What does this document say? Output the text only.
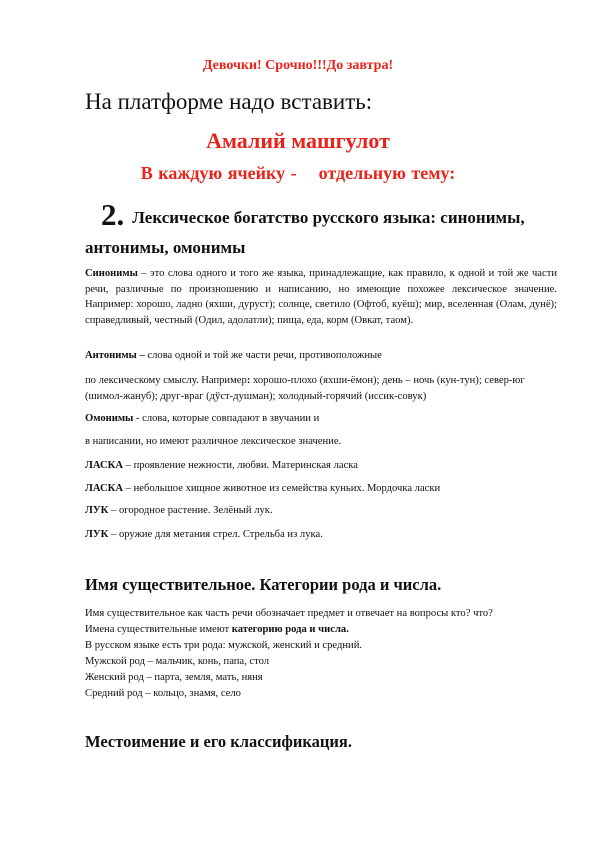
Девочки! Срочно!!!До завтра!

На платформе надо вставить:

Амалий машгулот

В каждую ячейку - отдельную тему:

2. Лексическое богатство русского языка: синонимы, антонимы, омонимы

Синонимы – это слова одного и того же языка, принадлежащие, как правило, к одной и той же части речи, различные по произношению и написанию, но имеющие похожее лексическое значение. Например: хорошо, ладно (яхши, дуруст); солнце, светило (Офтоб, куёш); мир, вселенная (Олам, дунё); справедливый, честный (Одил, адолатли); пища, еда, корм (Овкат, таом).

Антонимы – слова одной и той же части речи, противоположные

по лексическому смыслу. Например: хорошо-плохо (яхши-ёмон); день – ночь (кун-тун); север-юг (шимол-жануб); друг-враг (дўст-душман); холодный-горячий (иссик-совук)

Омонимы - слова, которые совпадают в звучании и

в написании, но имеют различное лексическое значение.

ЛАСКА – проявление нежности, любви. Материнская ласка

ЛАСКА – небольшое хищное животное из семейства куньих. Мордочка ласки

ЛУК – огородное растение. Зелёный лук.

ЛУК – оружие для метания стрел. Стрельба из лука.

Имя существительное. Категории рода и числа.

Имя существительное как часть речи обозначает предмет и отвечает на вопросы кто? что?

Имена существительные имеют категорию рода и числа.

В русском языке есть три рода: мужской, женский и средний.

Мужской род – мальчик, конь, папа, стол

Женский род – парта, земля, мать, няня

Средний род – кольцо, знамя, село

Местоимение и его классификация.
